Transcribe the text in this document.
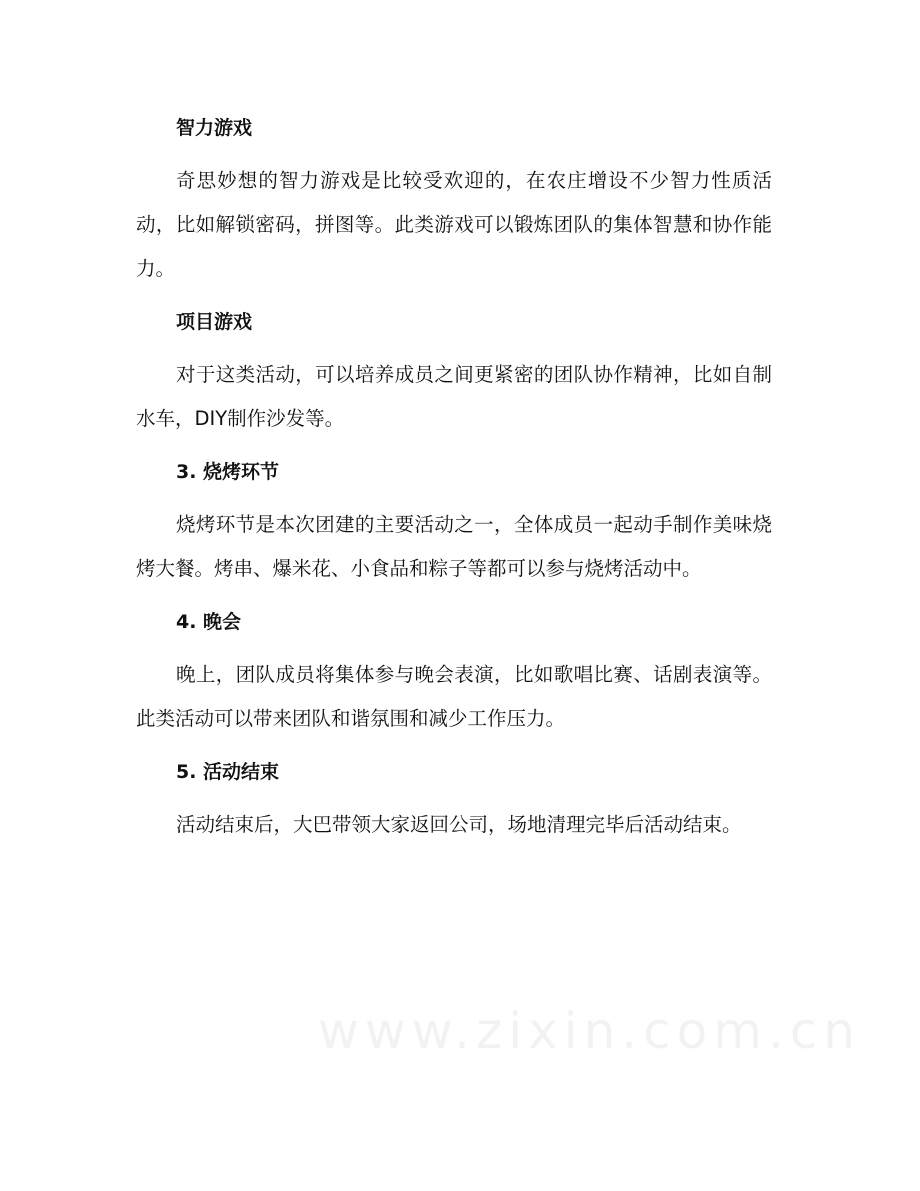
智力游戏

奇思妙想的智力游戏是比较受欢迎的，在农庄增设不少智力性质活动，比如解锁密码，拼图等。此类游戏可以锻炼团队的集体智慧和协作能力。

项目游戏

对于这类活动，可以培养成员之间更紧密的团队协作精神，比如自制水车，DIY制作沙发等。

3. 烧烤环节

烧烤环节是本次团建的主要活动之一，全体成员一起动手制作美味烧烤大餐。烤串、爆米花、小食品和粽子等都可以参与烧烤活动中。

4. 晚会

晚上，团队成员将集体参与晚会表演，比如歌唱比赛、话剧表演等。此类活动可以带来团队和谐氛围和减少工作压力。

5. 活动结束

活动结束后，大巴带领大家返回公司，场地清理完毕后活动结束。

www.zixin.com.cn
